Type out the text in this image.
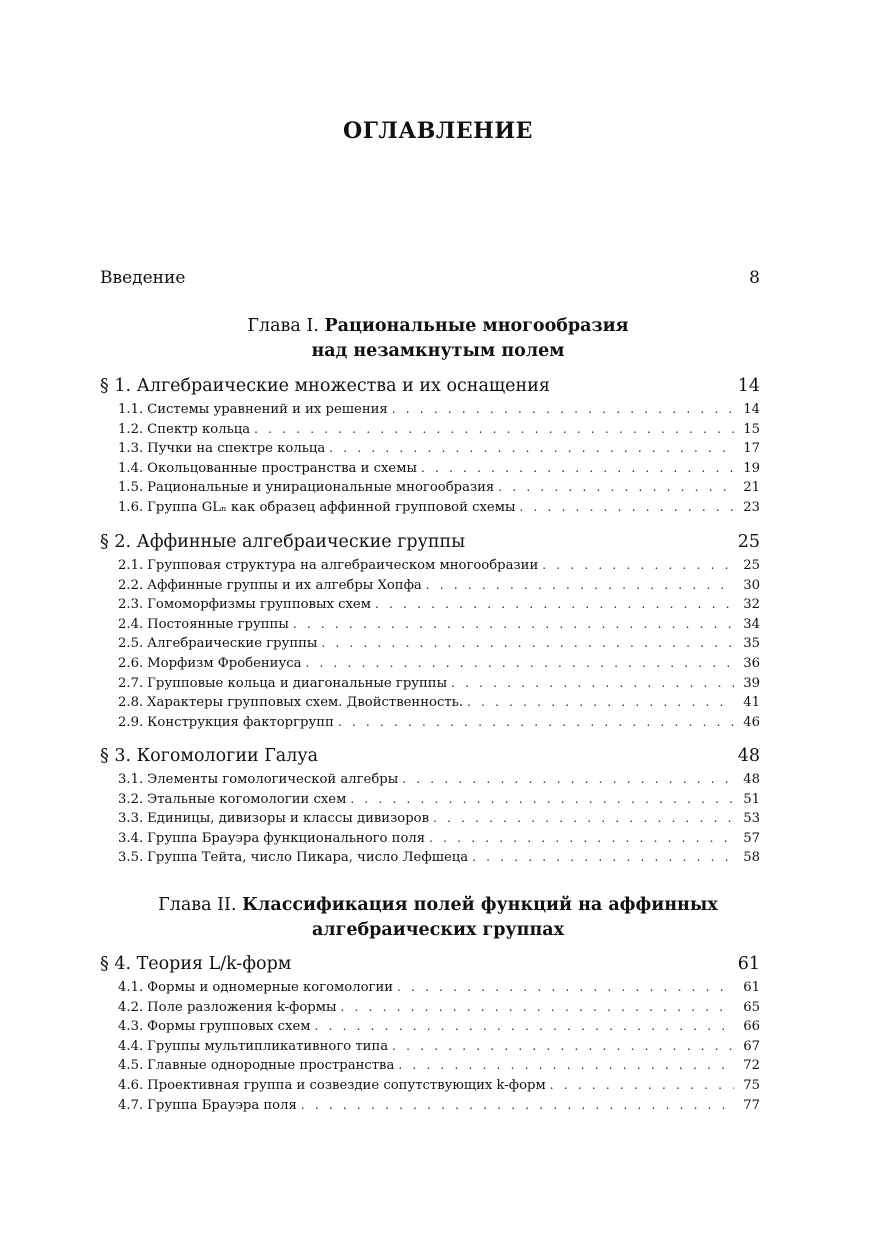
ОГЛАВЛЕНИЕ
Введение	8
Глава I. Рациональные многообразия
над незамкнутым полем
§ 1. Алгебраические множества и их оснащения	14
1.1. Системы уравнений и их решения . . .	14
1.2. Спектр кольца . . .	15
1.3. Пучки на спектре кольца . . .	17
1.4. Окольцованные пространства и схемы . . .	19
1.5. Рациональные и унирациональные многообразия . . .	21
1.6. Группа GLₙ как образец аффинной групповой схемы . . .	23
§ 2. Аффинные алгебраические группы	25
2.1. Групповая структура на алгебраическом многообразии . . .	25
2.2. Аффинные группы и их алгебры Хопфа . . .	30
2.3. Гомоморфизмы групповых схем . . .	32
2.4. Постоянные группы . . .	34
2.5. Алгебраические группы . . .	35
2.6. Морфизм Фробениуса . . .	36
2.7. Групповые кольца и диагональные группы . . .	39
2.8. Характеры групповых схем. Двойственность. . . .	41
2.9. Конструкция факторгрупп . . .	46
§ 3. Когомологии Галуа	48
3.1. Элементы гомологической алгебры . . .	48
3.2. Этальные когомологии схем . . .	51
3.3. Единицы, дивизоры и классы дивизоров . . .	53
3.4. Группа Брауэра функционального поля . . .	57
3.5. Группа Тейта, число Пикара, число Лефшеца . . .	58
Глава II. Классификация полей функций на аффинных
алгебраических группах
§ 4. Теория L/k-форм	61
4.1. Формы и одномерные когомологии . . .	61
4.2. Поле разложения k-формы . . .	65
4.3. Формы групповых схем . . .	66
4.4. Группы мультипликативного типа . . .	67
4.5. Главные однородные пространства . . .	72
4.6. Проективная группа и созвездие сопутствующих k-форм . . .	75
4.7. Группа Брауэра поля . . .	77
